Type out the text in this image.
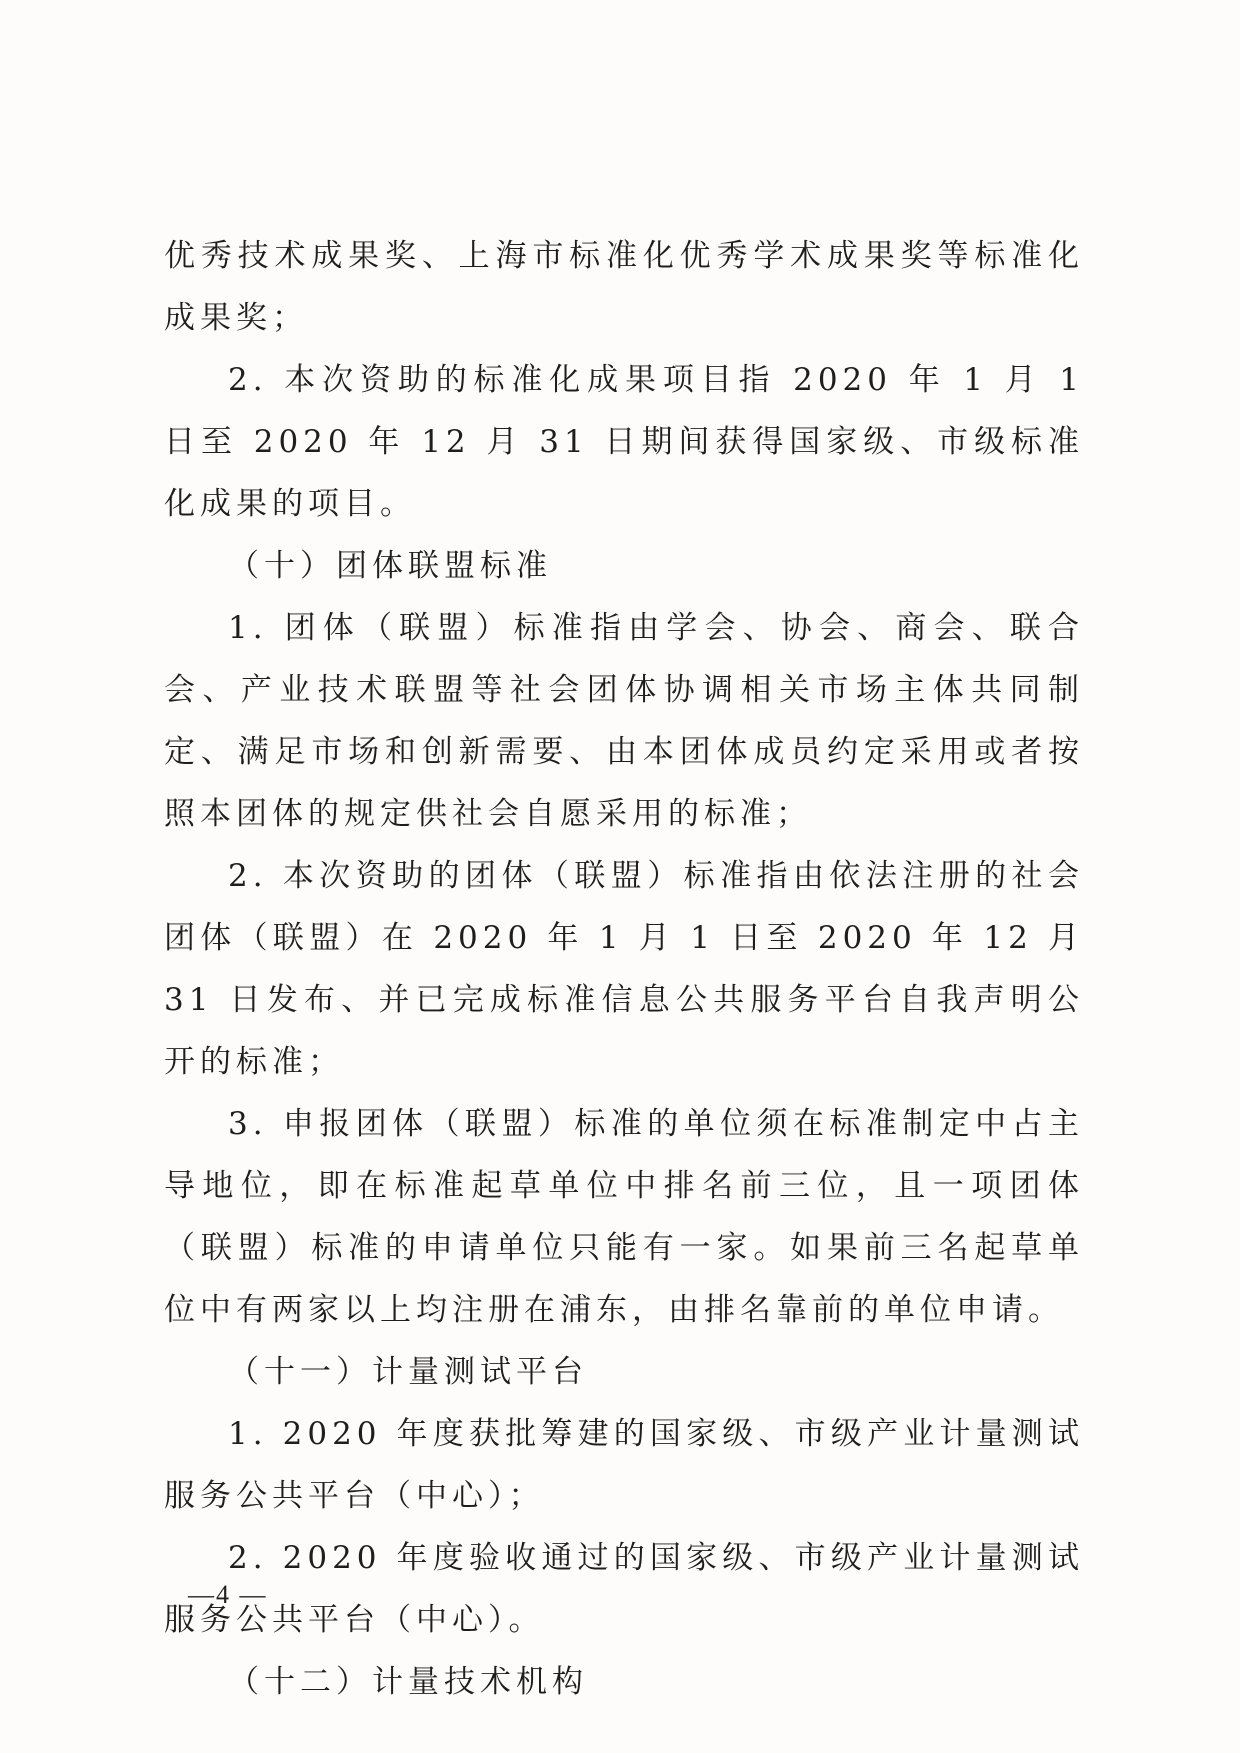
优秀技术成果奖、上海市标准化优秀学术成果奖等标准化成果奖；

2. 本次资助的标准化成果项目指 2020 年 1 月 1 日至 2020 年 12 月 31 日期间获得国家级、市级标准化成果的项目。

（十）团体联盟标准

1. 团体（联盟）标准指由学会、协会、商会、联合会、产业技术联盟等社会团体协调相关市场主体共同制定、满足市场和创新需要、由本团体成员约定采用或者按照本团体的规定供社会自愿采用的标准；

2. 本次资助的团体（联盟）标准指由依法注册的社会团体（联盟）在 2020 年 1 月 1 日至 2020 年 12 月 31 日发布、并已完成标准信息公共服务平台自我声明公开的标准；

3. 申报团体（联盟）标准的单位须在标准制定中占主导地位，即在标准起草单位中排名前三位，且一项团体（联盟）标准的申请单位只能有一家。如果前三名起草单位中有两家以上均注册在浦东，由排名靠前的单位申请。

（十一）计量测试平台

1. 2020 年度获批筹建的国家级、市级产业计量测试服务公共平台（中心）；

2. 2020 年度验收通过的国家级、市级产业计量测试服务公共平台（中心）。

（十二）计量技术机构

—4 —
